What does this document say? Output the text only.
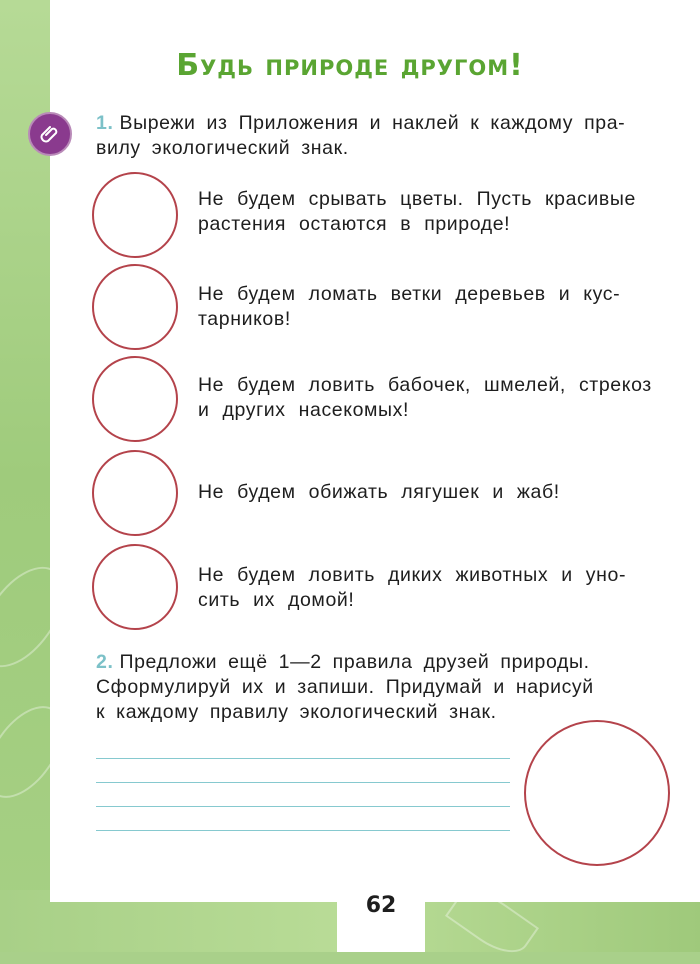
Будь природе другом!
1. Вырежи из Приложения и наклей к каждому пра-
вилу экологический знак.
Не будем срывать цветы. Пусть красивые
растения остаются в природе!
Не будем ломать ветки деревьев и кус-
тарников!
Не будем ловить бабочек, шмелей, стрекоз
и других насекомых!
Не будем обижать лягушек и жаб!
Не будем ловить диких животных и уно-
сить их домой!
2. Предложи ещё 1—2 правила друзей природы.
Сформулируй их и запиши. Придумай и нарисуй
к каждому правилу экологический знак.
62
